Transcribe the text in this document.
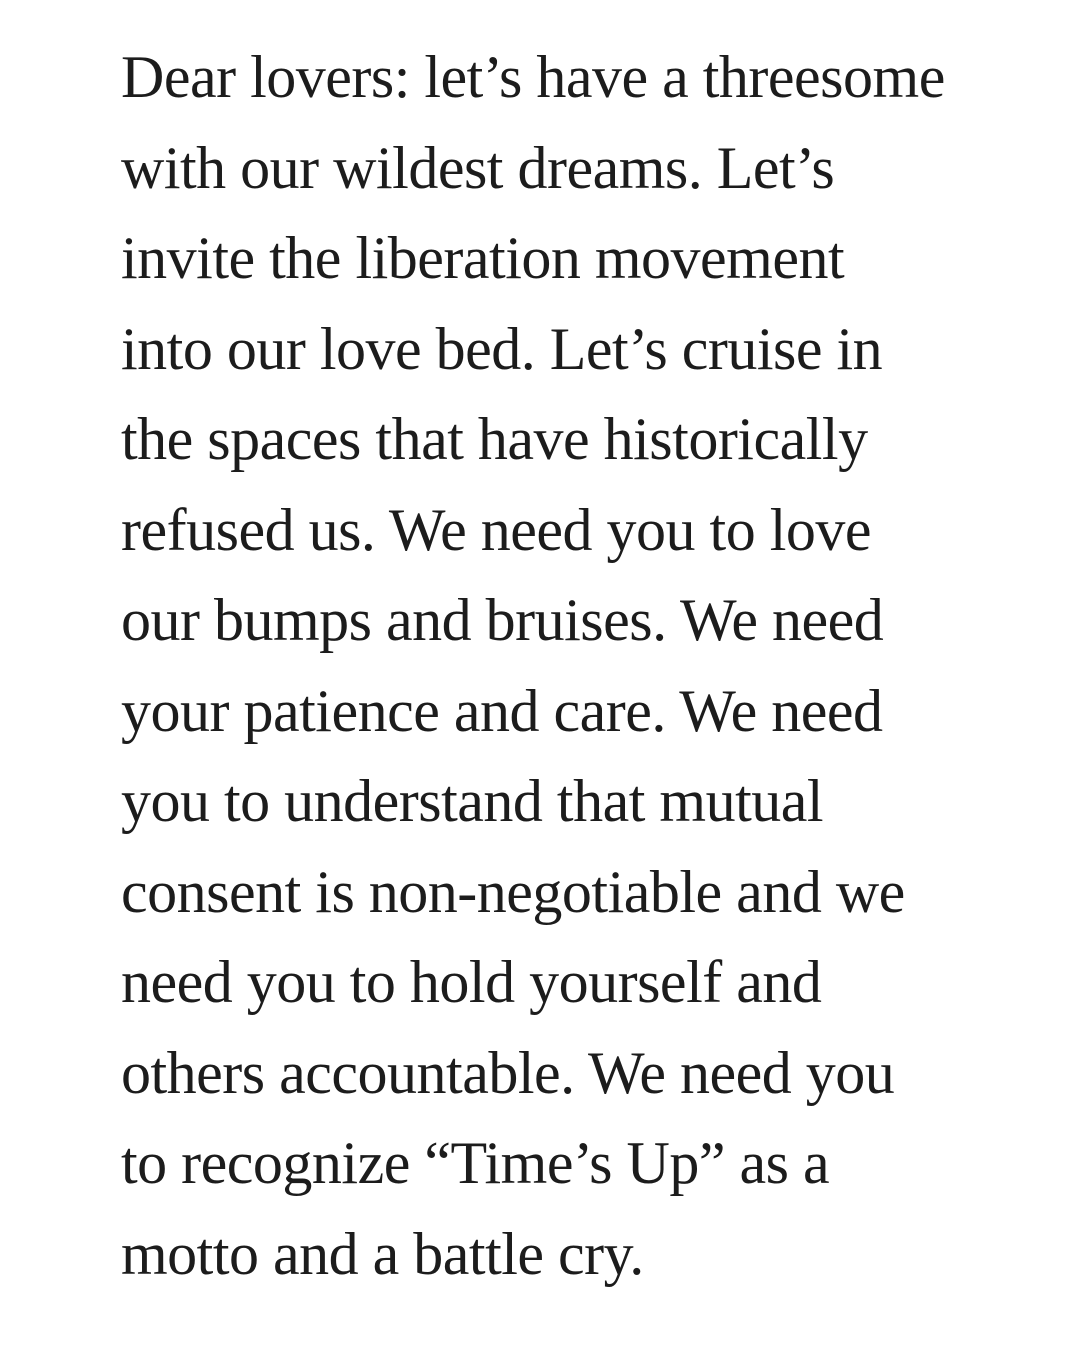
Dear lovers: let’s have a threesome
with our wildest dreams. Let’s
invite the liberation movement
into our love bed. Let’s cruise in
the spaces that have historically
refused us. We need you to love
our bumps and bruises. We need
your patience and care. We need
you to understand that mutual
consent is non-negotiable and we
need you to hold yourself and
others accountable. We need you
to recognize “Time’s Up” as a
motto and a battle cry.
